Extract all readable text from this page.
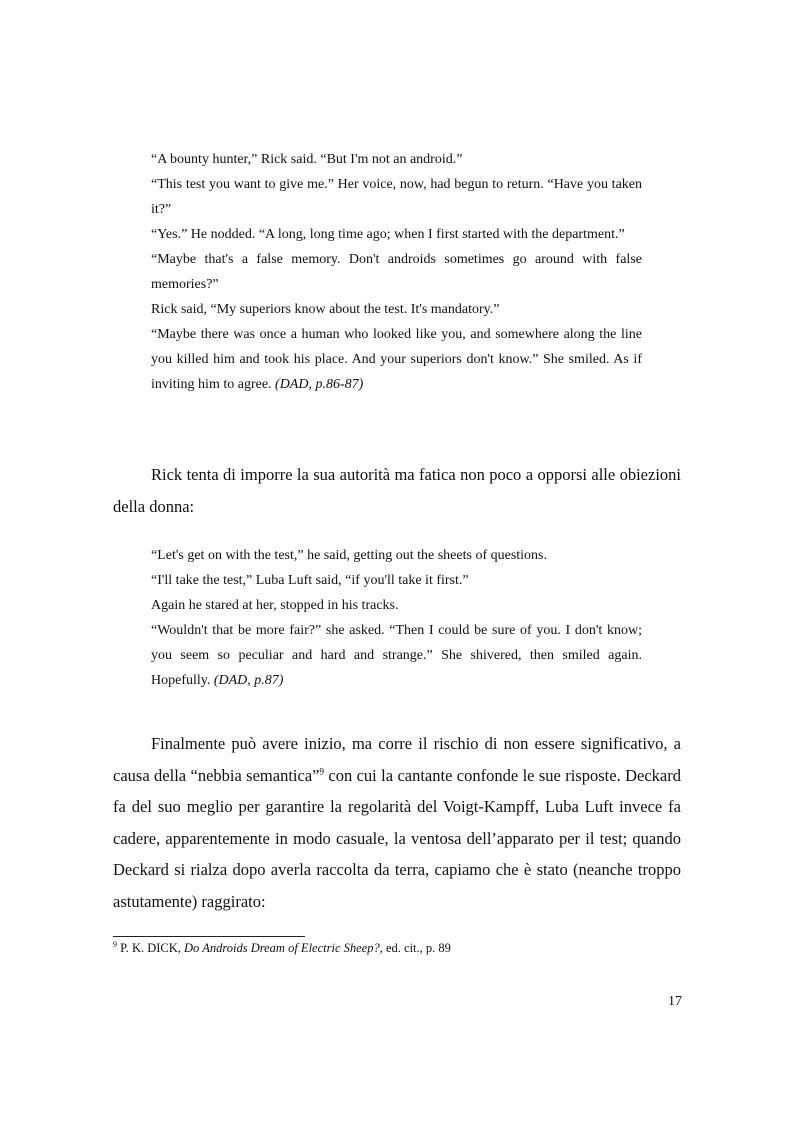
“A bounty hunter,” Rick said. “But I'm not an android.”

“This test you want to give me.” Her voice, now, had begun to return. “Have you taken it?”

“Yes.” He nodded. “A long, long time ago; when I first started with the department.”

“Maybe that's a false memory. Don't androids sometimes go around with false memories?”

Rick said, “My superiors know about the test. It's mandatory.”

“Maybe there was once a human who looked like you, and somewhere along the line you killed him and took his place. And your superiors don't know.” She smiled. As if inviting him to agree. (DAD, p.86-87)

Rick tenta di imporre la sua autorità ma fatica non poco a opporsi alle obiezioni della donna:

“Let's get on with the test,” he said, getting out the sheets of questions.

“I'll take the test,” Luba Luft said, “if you'll take it first.”

Again he stared at her, stopped in his tracks.

“Wouldn't that be more fair?” she asked. “Then I could be sure of you. I don't know; you seem so peculiar and hard and strange.” She shivered, then smiled again. Hopefully. (DAD, p.87)

Finalmente può avere inizio, ma corre il rischio di non essere significativo, a causa della “nebbia semantica”$^9$ con cui la cantante confonde le sue risposte. Deckard fa del suo meglio per garantire la regolarità del Voigt-Kampff, Luba Luft invece fa cadere, apparentemente in modo casuale, la ventosa dell’apparato per il test; quando Deckard si rialza dopo averla raccolta da terra, capiamo che è stato (neanche troppo astutamente) raggirato:

$^9$ P. K. DICK, Do Androids Dream of Electric Sheep?, ed. cit., p. 89
17
